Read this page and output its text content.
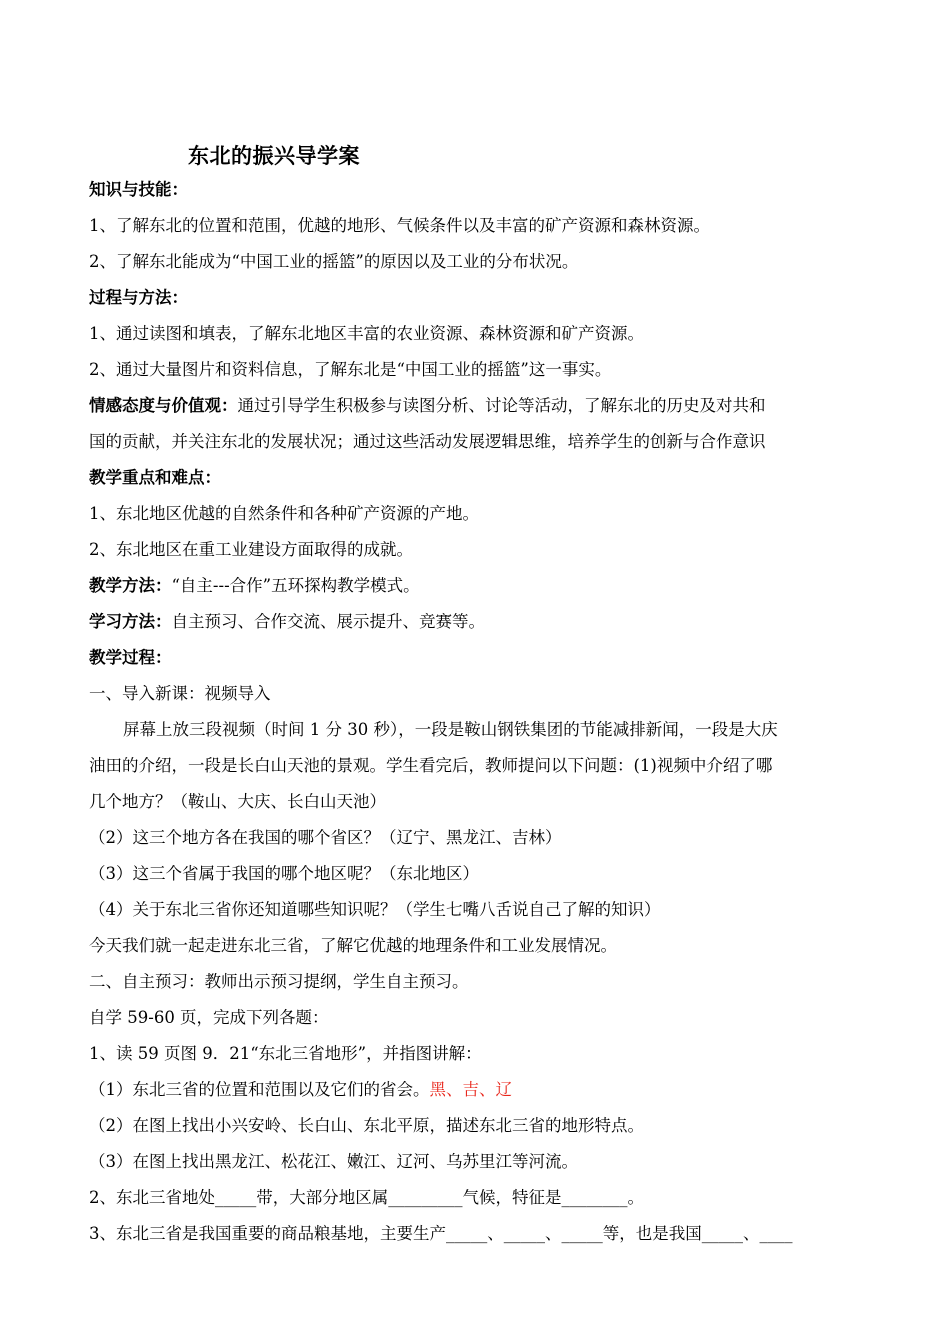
东北的振兴导学案
知识与技能：
1、了解东北的位置和范围，优越的地形、气候条件以及丰富的矿产资源和森林资源。
2、了解东北能成为“中国工业的摇篮”的原因以及工业的分布状况。
过程与方法：
1、通过读图和填表，了解东北地区丰富的农业资源、森林资源和矿产资源。
2、通过大量图片和资料信息，了解东北是“中国工业的摇篮”这一事实。
情感态度与价值观：通过引导学生积极参与读图分析、讨论等活动，了解东北的历史及对共和
国的贡献，并关注东北的发展状况；通过这些活动发展逻辑思维，培养学生的创新与合作意识
教学重点和难点：
1、东北地区优越的自然条件和各种矿产资源的产地。
2、东北地区在重工业建设方面取得的成就。
教学方法：“自主---合作”五环探构教学模式。
学习方法：自主预习、合作交流、展示提升、竞赛等。
教学过程：
一、导入新课：视频导入
屏幕上放三段视频（时间 1 分 30 秒），一段是鞍山钢铁集团的节能减排新闻，一段是大庆
油田的介绍，一段是长白山天池的景观。学生看完后，教师提问以下问题：(1)视频中介绍了哪
几个地方？（鞍山、大庆、长白山天池）
（2）这三个地方各在我国的哪个省区？（辽宁、黑龙江、吉林）
（3）这三个省属于我国的哪个地区呢？（东北地区）
（4）关于东北三省你还知道哪些知识呢？（学生七嘴八舌说自己了解的知识）
今天我们就一起走进东北三省，了解它优越的地理条件和工业发展情况。
二、自主预习：教师出示预习提纲，学生自主预习。
自学 59-60 页，完成下列各题：
1、读 59 页图 9．21“东北三省地形”，并指图讲解：
（1）东北三省的位置和范围以及它们的省会。黑、吉、辽
（2）在图上找出小兴安岭、长白山、东北平原，描述东北三省的地形特点。
（3）在图上找出黑龙江、松花江、嫩江、辽河、乌苏里江等河流。
2、东北三省地处_____带，大部分地区属_________气候，特征是________。
3、东北三省是我国重要的商品粮基地，主要生产_____、_____、_____等，也是我国_____、____
